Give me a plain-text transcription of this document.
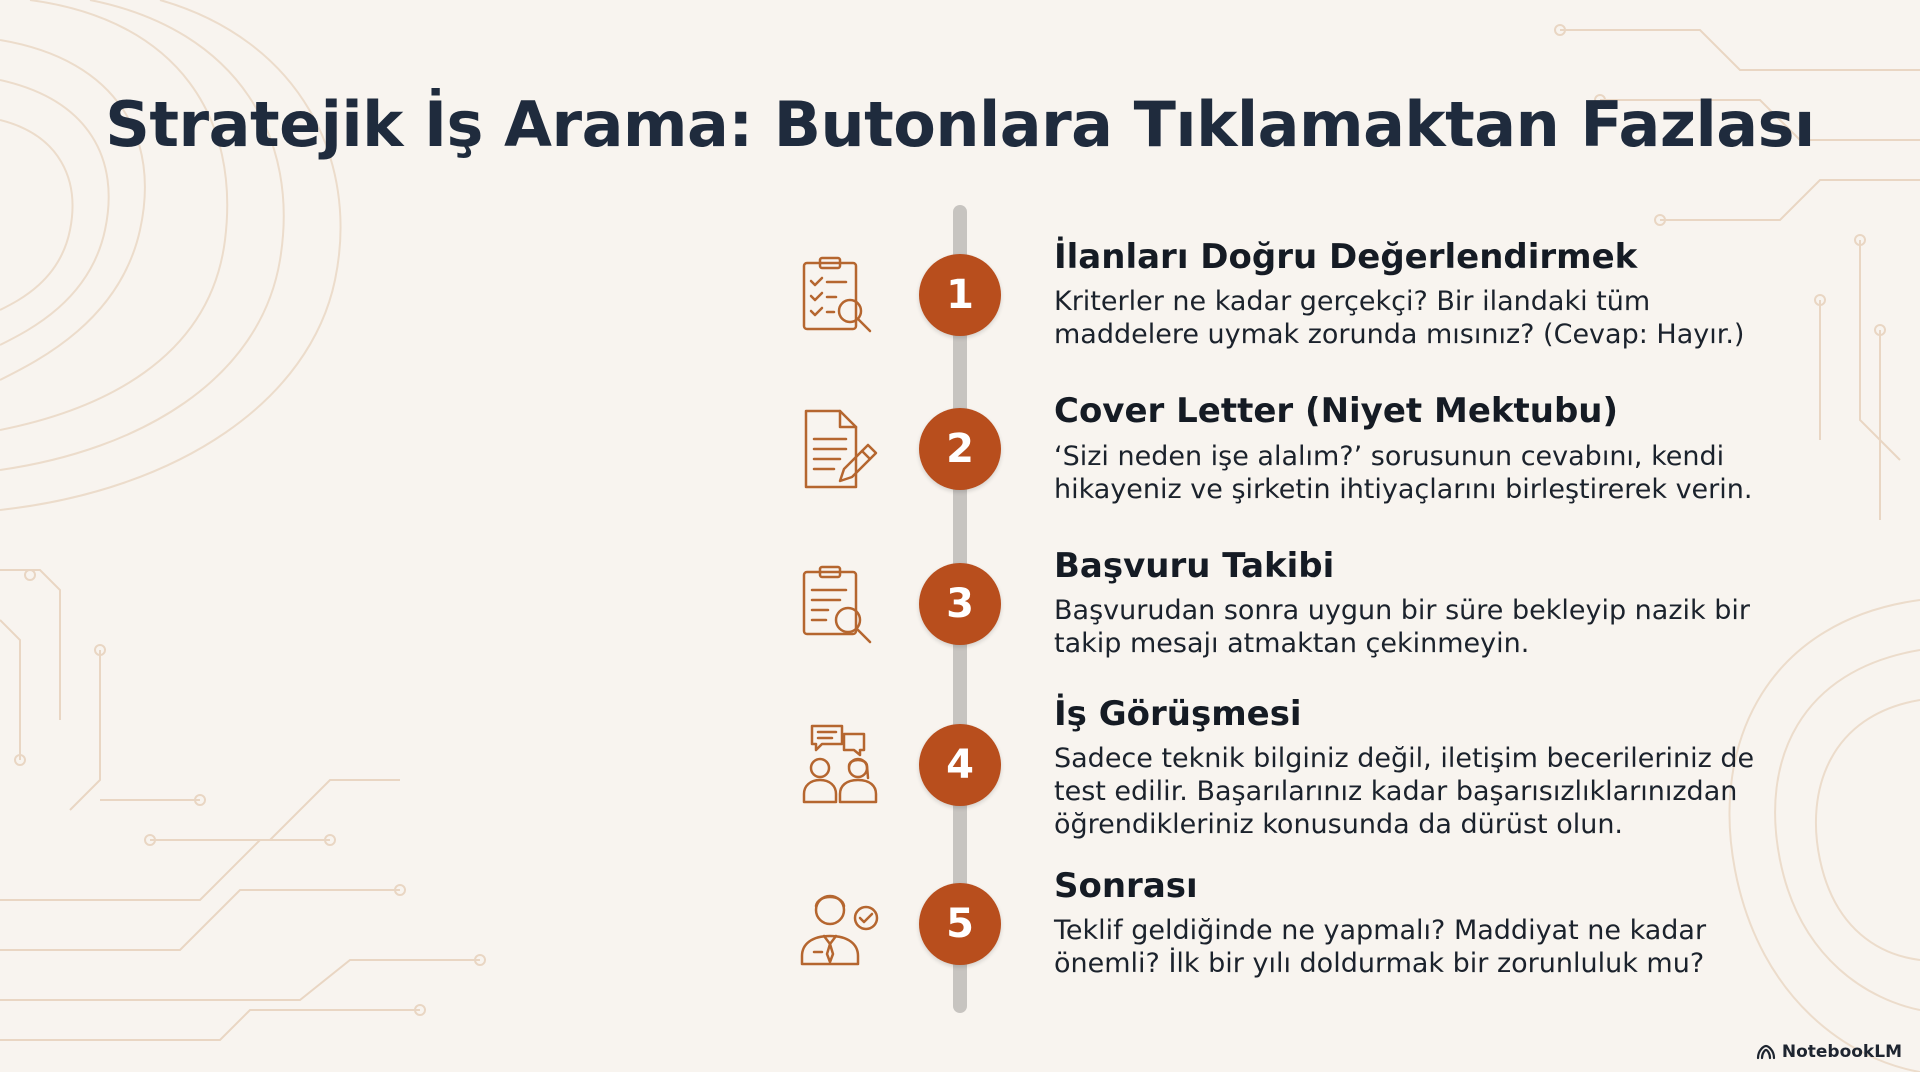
Stratejik İş Arama: Butonlara Tıklamaktan Fazlası
1
İlanları Doğru Değerlendirmek
Kriterler ne kadar gerçekçi? Bir ilandaki tüm maddelere uymak zorunda mısınız? (Cevap: Hayır.)
2
Cover Letter (Niyet Mektubu)
‘Sizi neden işe alalım?’ sorusunun cevabını, kendi hikayeniz ve şirketin ihtiyaçlarını birleştirerek verin.
3
Başvuru Takibi
Başvurudan sonra uygun bir süre bekleyip nazik bir takip mesajı atmaktan çekinmeyin.
4
İş Görüşmesi
Sadece teknik bilginiz değil, iletişim becerileriniz de test edilir. Başarılarınız kadar başarısızlıklarınızdan öğrendikleriniz konusunda da dürüst olun.
5
Sonrası
Teklif geldiğinde ne yapmalı? Maddiyat ne kadar önemli? İlk bir yılı doldurmak bir zorunluluk mu?
NotebookLM
